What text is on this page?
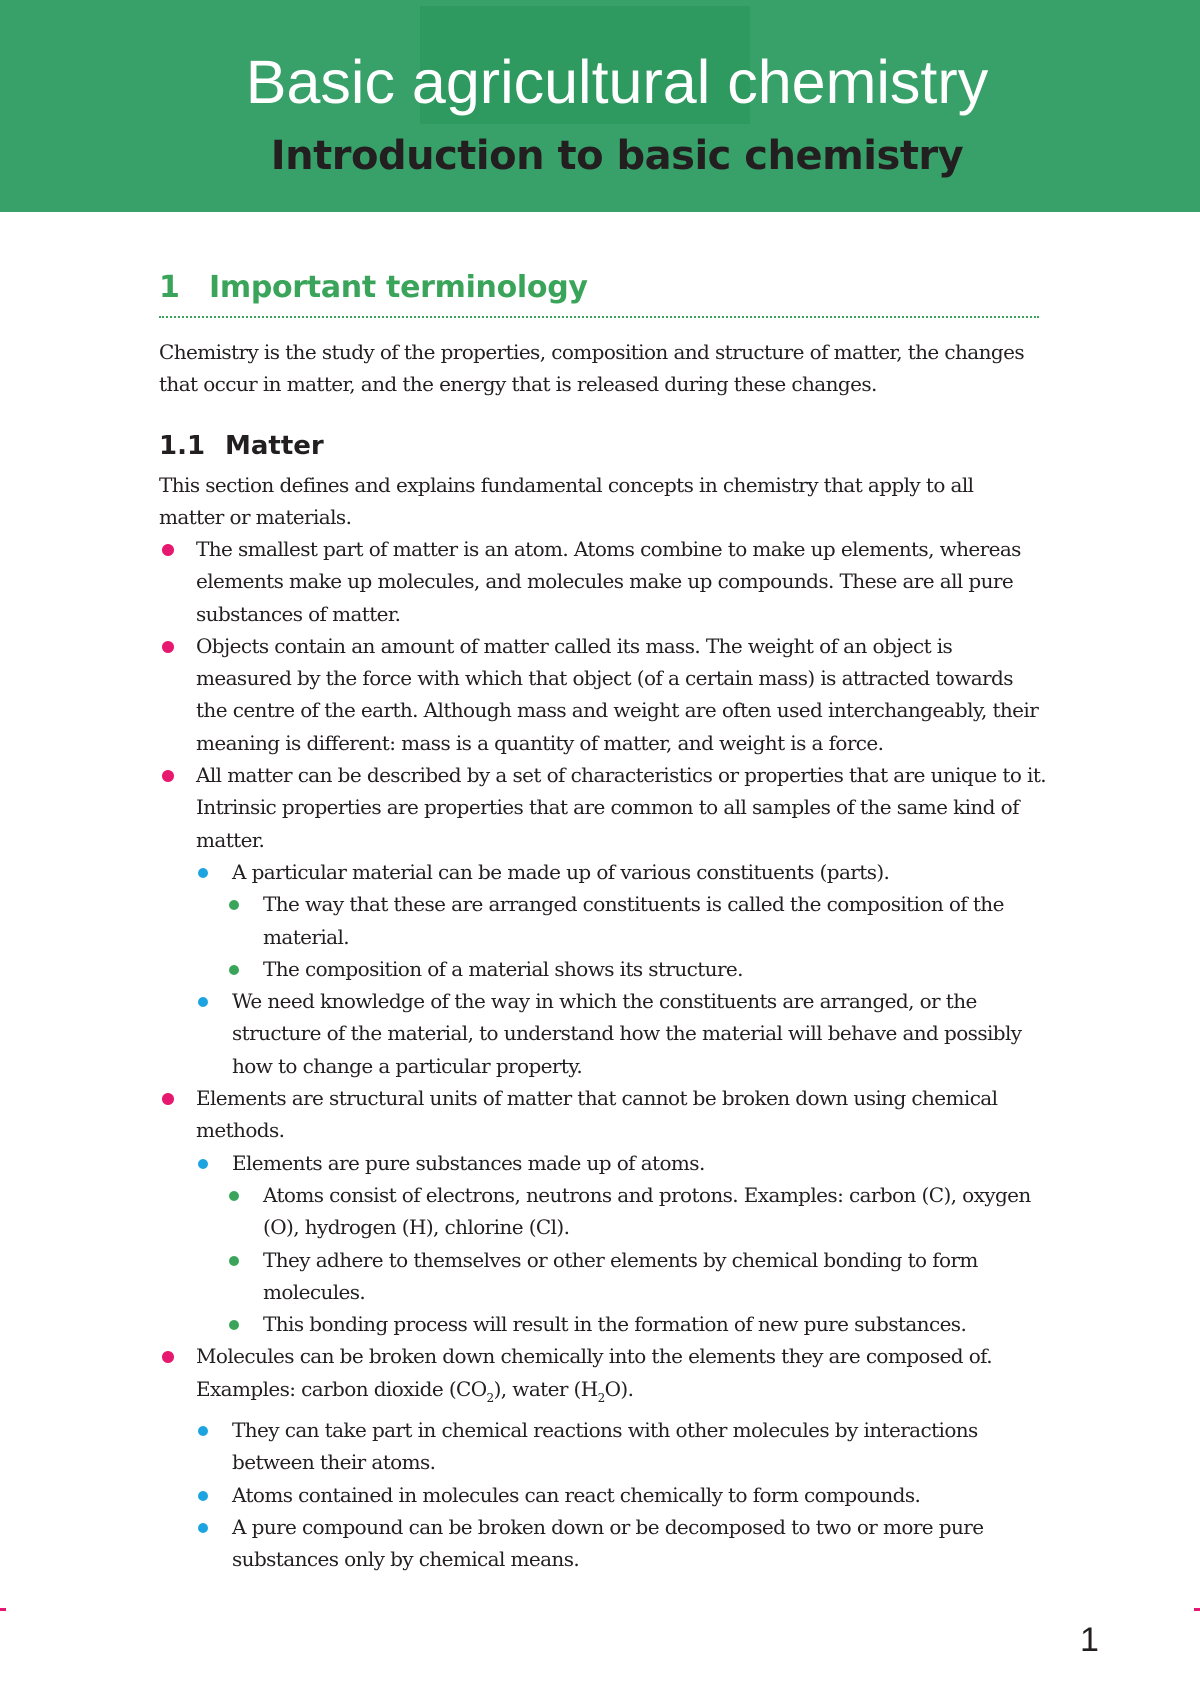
Basic agricultural chemistry
Introduction to basic chemistry
1 Important terminology
Chemistry is the study of the properties, composition and structure of matter, the changes that occur in matter, and the energy that is released during these changes.
1.1 Matter
This section defines and explains fundamental concepts in chemistry that apply to all matter or materials.
The smallest part of matter is an atom. Atoms combine to make up elements, whereas elements make up molecules, and molecules make up compounds. These are all pure substances of matter.
Objects contain an amount of matter called its mass. The weight of an object is measured by the force with which that object (of a certain mass) is attracted towards the centre of the earth. Although mass and weight are often used interchangeably, their meaning is different: mass is a quantity of matter, and weight is a force.
All matter can be described by a set of characteristics or properties that are unique to it. Intrinsic properties are properties that are common to all samples of the same kind of matter.
A particular material can be made up of various constituents (parts).
The way that these are arranged constituents is called the composition of the material.
The composition of a material shows its structure.
We need knowledge of the way in which the constituents are arranged, or the structure of the material, to understand how the material will behave and possibly how to change a particular property.
Elements are structural units of matter that cannot be broken down using chemical methods.
Elements are pure substances made up of atoms.
Atoms consist of electrons, neutrons and protons. Examples: carbon (C), oxygen (O), hydrogen (H), chlorine (Cl).
They adhere to themselves or other elements by chemical bonding to form molecules.
This bonding process will result in the formation of new pure substances.
Molecules can be broken down chemically into the elements they are composed of.
Examples: carbon dioxide $(CO_2)$, water $(H_2O)$.
They can take part in chemical reactions with other molecules by interactions between their atoms.
Atoms contained in molecules can react chemically to form compounds.
A pure compound can be broken down or be decomposed to two or more pure substances only by chemical means.
1
